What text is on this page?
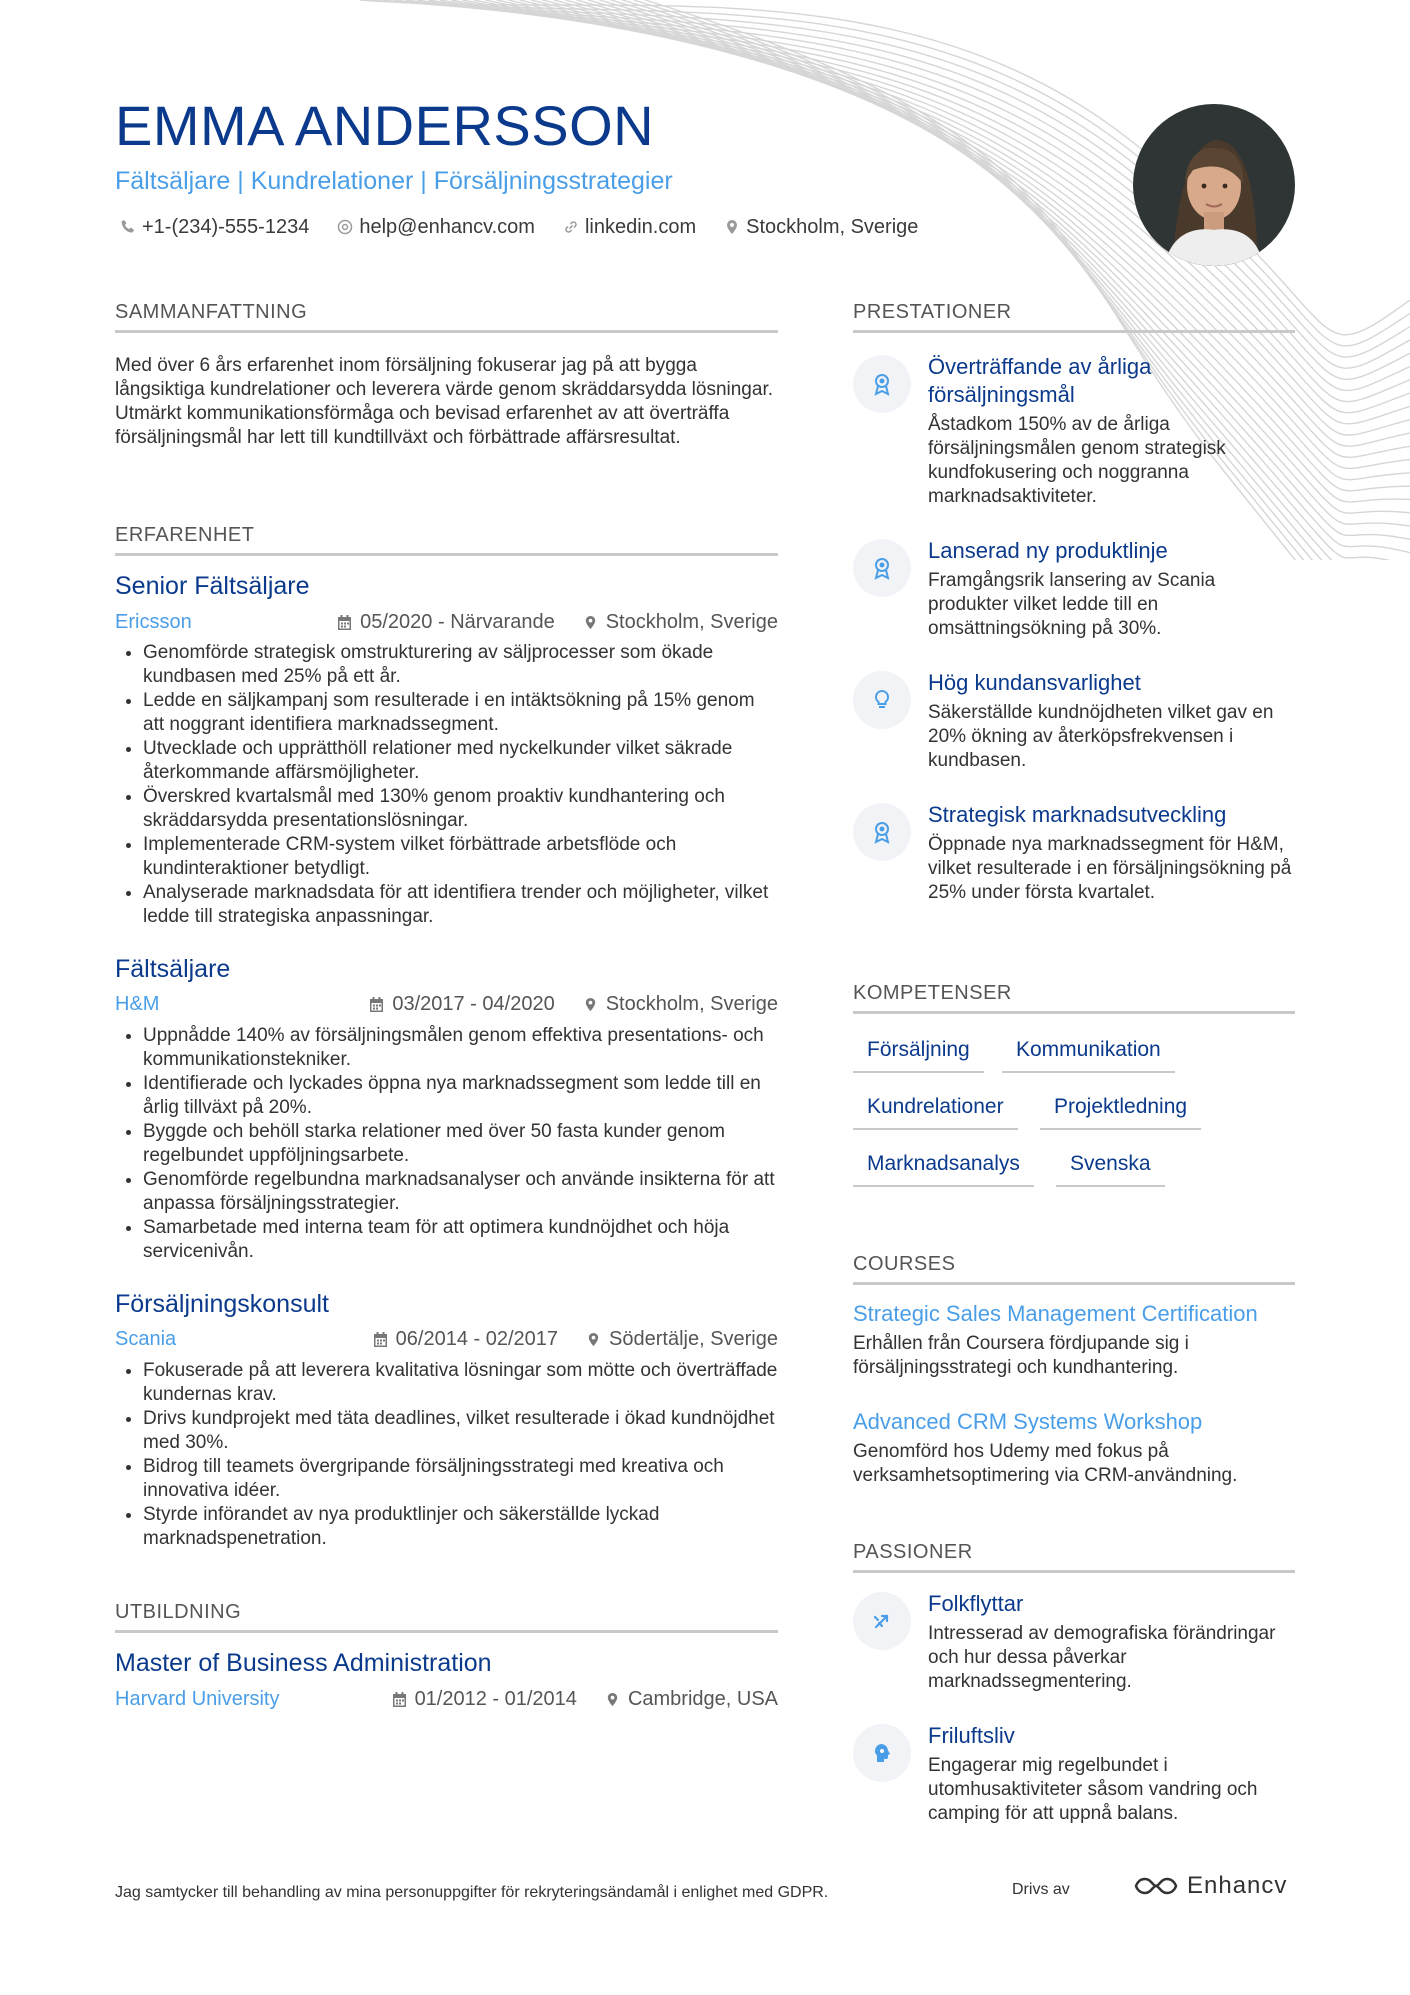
EMMA ANDERSSON
Fältsäljare | Kundrelationer | Försäljningsstrategier
+1-(234)-555-1234	help@enhancv.com	linkedin.com	Stockholm, Sverige
SAMMANFATTNING

Med över 6 års erfarenhet inom försäljning fokuserar jag på att bygga långsiktiga kundrelationer och leverera värde genom skräddarsydda lösningar. Utmärkt kommunikationsförmåga och bevisad erfarenhet av att överträffa försäljningsmål har lett till kundtillväxt och förbättrade affärsresultat.

ERFARENHET
Senior Fältsäljare
Ericsson	05/2020 - Närvarande	Stockholm, Sverige
• Genomförde strategisk omstrukturering av säljprocesser som ökade kundbasen med 25% på ett år.
• Ledde en säljkampanj som resulterade i en intäktsökning på 15% genom att noggrant identifiera marknadssegment.
• Utvecklade och upprätthöll relationer med nyckelkunder vilket säkrade återkommande affärsmöjligheter.
• Överskred kvartalsmål med 130% genom proaktiv kundhantering och skräddarsydda presentationslösningar.
• Implementerade CRM-system vilket förbättrade arbetsflöde och kundinteraktioner betydligt.
• Analyserade marknadsdata för att identifiera trender och möjligheter, vilket ledde till strategiska anpassningar.
Fältsäljare
H&M	03/2017 - 04/2020	Stockholm, Sverige
• Uppnådde 140% av försäljningsmålen genom effektiva presentations- och kommunikationstekniker.
• Identifierade och lyckades öppna nya marknadssegment som ledde till en årlig tillväxt på 20%.
• Byggde och behöll starka relationer med över 50 fasta kunder genom regelbundet uppföljningsarbete.
• Genomförde regelbundna marknadsanalyser och använde insikterna för att anpassa försäljningsstrategier.
• Samarbetade med interna team för att optimera kundnöjdhet och höja servicenivån.
Försäljningskonsult
Scania	06/2014 - 02/2017	Södertälje, Sverige
• Fokuserade på att leverera kvalitativa lösningar som mötte och överträffade kundernas krav.
• Drivs kundprojekt med täta deadlines, vilket resulterade i ökad kundnöjdhet med 30%.
• Bidrog till teamets övergripande försäljningsstrategi med kreativa och innovativa idéer.
• Styrde införandet av nya produktlinjer och säkerställde lyckad marknadspenetration.
UTBILDNING
Master of Business Administration
Harvard University	01/2012 - 01/2014	Cambridge, USA
PRESTATIONER
Överträffande av årliga försäljningsmål
Åstadkom 150% av de årliga försäljningsmålen genom strategisk kundfokusering och noggranna marknadsaktiviteter.
Lanserad ny produktlinje
Framgångsrik lansering av Scania produkter vilket ledde till en omsättningsökning på 30%.
Hög kundansvarlighet
Säkerställde kundnöjdheten vilket gav en 20% ökning av återköpsfrekvensen i kundbasen.
Strategisk marknadsutveckling
Öppnade nya marknadssegment för H&M, vilket resulterade i en försäljningsökning på 25% under första kvartalet.
KOMPETENSER
Försäljning	Kommunikation
Kundrelationer	Projektledning
Marknadsanalys	Svenska
COURSES
Strategic Sales Management Certification
Erhållen från Coursera fördjupande sig i försäljningsstrategi och kundhantering.
Advanced CRM Systems Workshop
Genomförd hos Udemy med fokus på verksamhetsoptimering via CRM-användning.
PASSIONER
Folkflyttar
Intresserad av demografiska förändringar och hur dessa påverkar marknadssegmentering.
Friluftsliv
Engagerar mig regelbundet i utomhusaktiviteter såsom vandring och camping för att uppnå balans.
Jag samtycker till behandling av mina personuppgifter för rekryteringsändamål i enlighet med GDPR.	Drivs av	Enhancv
